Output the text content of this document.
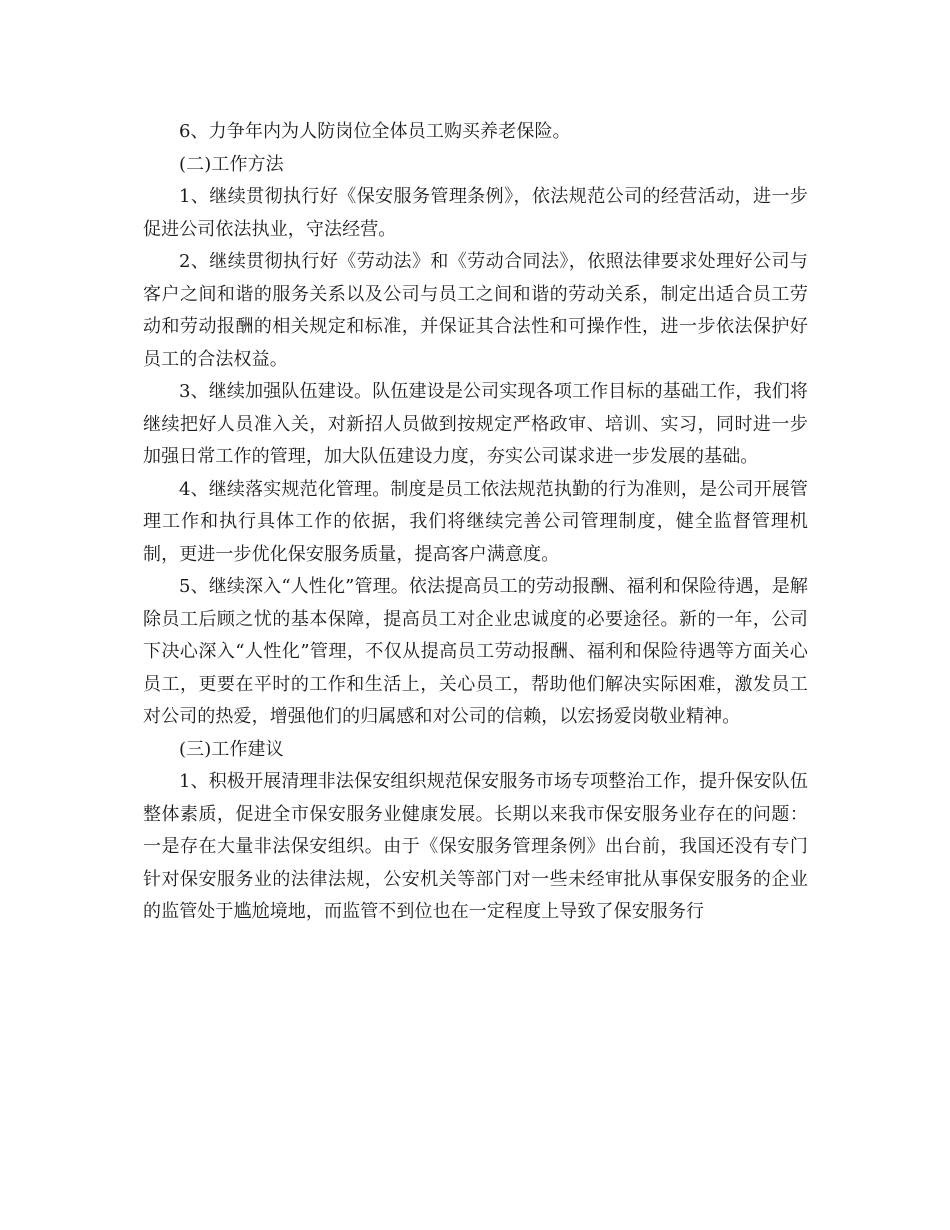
6、力争年内为人防岗位全体员工购买养老保险。

(二)工作方法

1、继续贯彻执行好《保安服务管理条例》，依法规范公司的经营活动，进一步促进公司依法执业，守法经营。

2、继续贯彻执行好《劳动法》和《劳动合同法》，依照法律要求处理好公司与客户之间和谐的服务关系以及公司与员工之间和谐的劳动关系，制定出适合员工劳动和劳动报酬的相关规定和标准，并保证其合法性和可操作性，进一步依法保护好员工的合法权益。

3、继续加强队伍建设。队伍建设是公司实现各项工作目标的基础工作，我们将继续把好人员准入关，对新招人员做到按规定严格政审、培训、实习，同时进一步加强日常工作的管理，加大队伍建设力度，夯实公司谋求进一步发展的基础。

4、继续落实规范化管理。制度是员工依法规范执勤的行为准则，是公司开展管理工作和执行具体工作的依据，我们将继续完善公司管理制度，健全监督管理机制，更进一步优化保安服务质量，提高客户满意度。

5、继续深入“人性化”管理。依法提高员工的劳动报酬、福利和保险待遇，是解除员工后顾之忧的基本保障，提高员工对企业忠诚度的必要途径。新的一年，公司下决心深入“人性化”管理，不仅从提高员工劳动报酬、福利和保险待遇等方面关心员工，更要在平时的工作和生活上，关心员工，帮助他们解决实际困难，激发员工对公司的热爱，增强他们的归属感和对公司的信赖，以宏扬爱岗敬业精神。

(三)工作建议

1、积极开展清理非法保安组织规范保安服务市场专项整治工作，提升保安队伍整体素质，促进全市保安服务业健康发展。长期以来我市保安服务业存在的问题：一是存在大量非法保安组织。由于《保安服务管理条例》出台前，我国还没有专门针对保安服务业的法律法规，公安机关等部门对一些未经审批从事保安服务的企业的监管处于尴尬境地，而监管不到位也在一定程度上导致了保安服务行
